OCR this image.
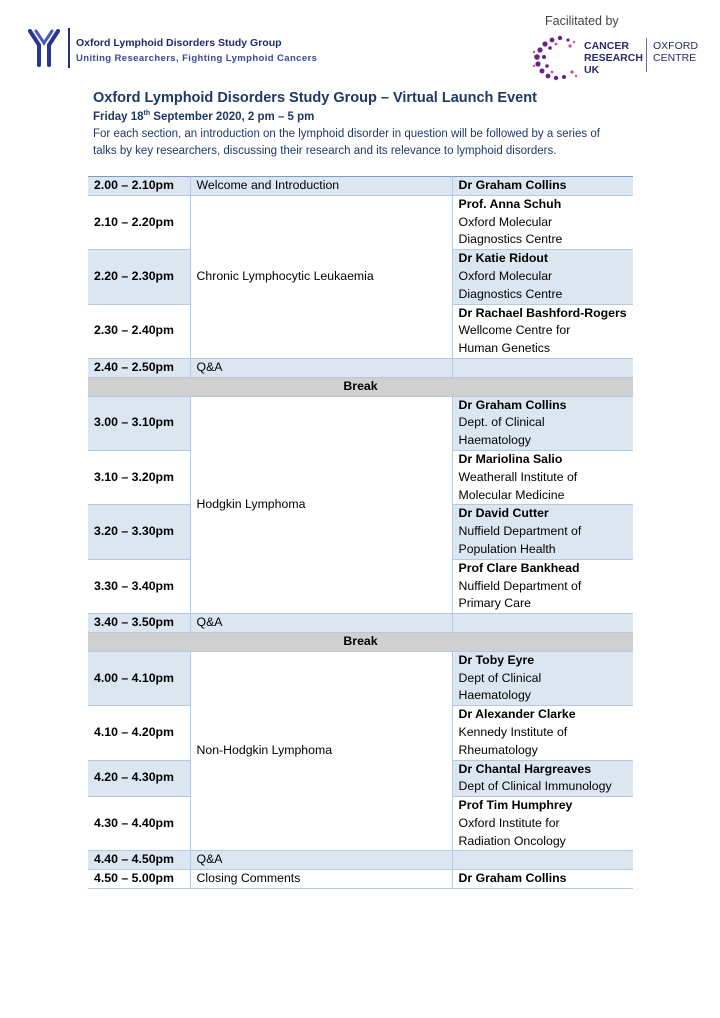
Oxford Lymphoid Disorders Study Group
Uniting Researchers, Fighting Lymphoid Cancers
Facilitated by
CANCER
RESEARCH
UK
OXFORD
CENTRE
Oxford Lymphoid Disorders Study Group – Virtual Launch Event
Friday 18th September 2020, 2 pm – 5 pm
For each section, an introduction on the lymphoid disorder in question will be followed by a series of talks by key researchers, discussing their research and its relevance to lymphoid disorders.
2.00 – 2.10pm	Welcome and Introduction	Dr Graham Collins

2.10 – 2.20pm	Chronic Lymphocytic Leukaemia	Prof. Anna Schuh
Oxford Molecular
Diagnostics Centre

2.20 – 2.30pm		Dr Katie Ridout
Oxford Molecular
Diagnostics Centre

2.30 – 2.40pm		Dr Rachael Bashford-Rogers
Wellcome Centre for
Human Genetics

2.40 – 2.50pm	Q&A	
Break		
3.00 – 3.10pm	Hodgkin Lymphoma	Dr Graham Collins
Dept. of Clinical
Haematology

3.10 – 3.20pm		Dr Mariolina Salio
Weatherall Institute of
Molecular Medicine

3.20 – 3.30pm		Dr David Cutter
Nuffield Department of
Population Health

3.30 – 3.40pm		Prof Clare Bankhead
Nuffield Department of
Primary Care

3.40 – 3.50pm	Q&A	
Break		
4.00 – 4.10pm	Non-Hodgkin Lymphoma	Dr Toby Eyre
Dept of Clinical
Haematology

4.10 – 4.20pm		Dr Alexander Clarke
Kennedy Institute of
Rheumatology

4.20 – 4.30pm		Dr Chantal Hargreaves
Dept of Clinical Immunology

4.30 – 4.40pm		Prof Tim Humphrey
Oxford Institute for
Radiation Oncology

4.40 – 4.50pm	Q&A	
4.50 – 5.00pm	Closing Comments	Dr Graham Collins
